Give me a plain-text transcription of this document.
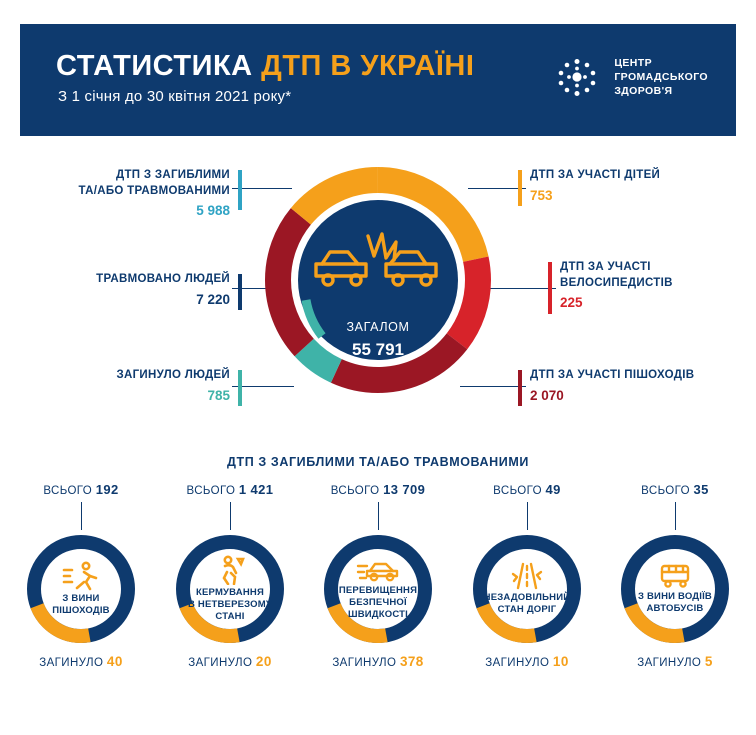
СТАТИСТИКА ДТП В УКРАЇНІ
З 1 січня до 30 квітня 2021 року*
ЦЕНТР
ГРОМАДСЬКОГО
ЗДОРОВ'Я
ДТП З ЗАГИБЛИМИ
ТА/АБО ТРАВМОВАНИМИ
5 988
ТРАВМОВАНО ЛЮДЕЙ
7 220
ЗАГИНУЛО ЛЮДЕЙ
785
ДТП ЗА УЧАСТІ ДІТЕЙ
753
ДТП ЗА УЧАСТІ
ВЕЛОСИПЕДИСТІВ
225
ДТП ЗА УЧАСТІ ПІШОХОДІВ
2 070
ЗАГАЛОМ
55 791
ДТП З ЗАГИБЛИМИ ТА/АБО ТРАВМОВАНИМИ
ВСЬОГО 192
З ВИНИ
ПІШОХОДІВ
ЗАГИНУЛО 40
ВСЬОГО 1 421
КЕРМУВАННЯ
В НЕТВЕРЕЗОМУ
СТАНІ
ЗАГИНУЛО 20
ВСЬОГО 13 709
ПЕРЕВИЩЕННЯ
БЕЗПЕЧНОЇ
ШВИДКОСТІ
ЗАГИНУЛО 378
ВСЬОГО 49
НЕЗАДОВІЛЬНИЙ
СТАН ДОРІГ
ЗАГИНУЛО 10
ВСЬОГО 35
З ВИНИ ВОДІЇВ
АВТОБУСІВ
ЗАГИНУЛО 5
